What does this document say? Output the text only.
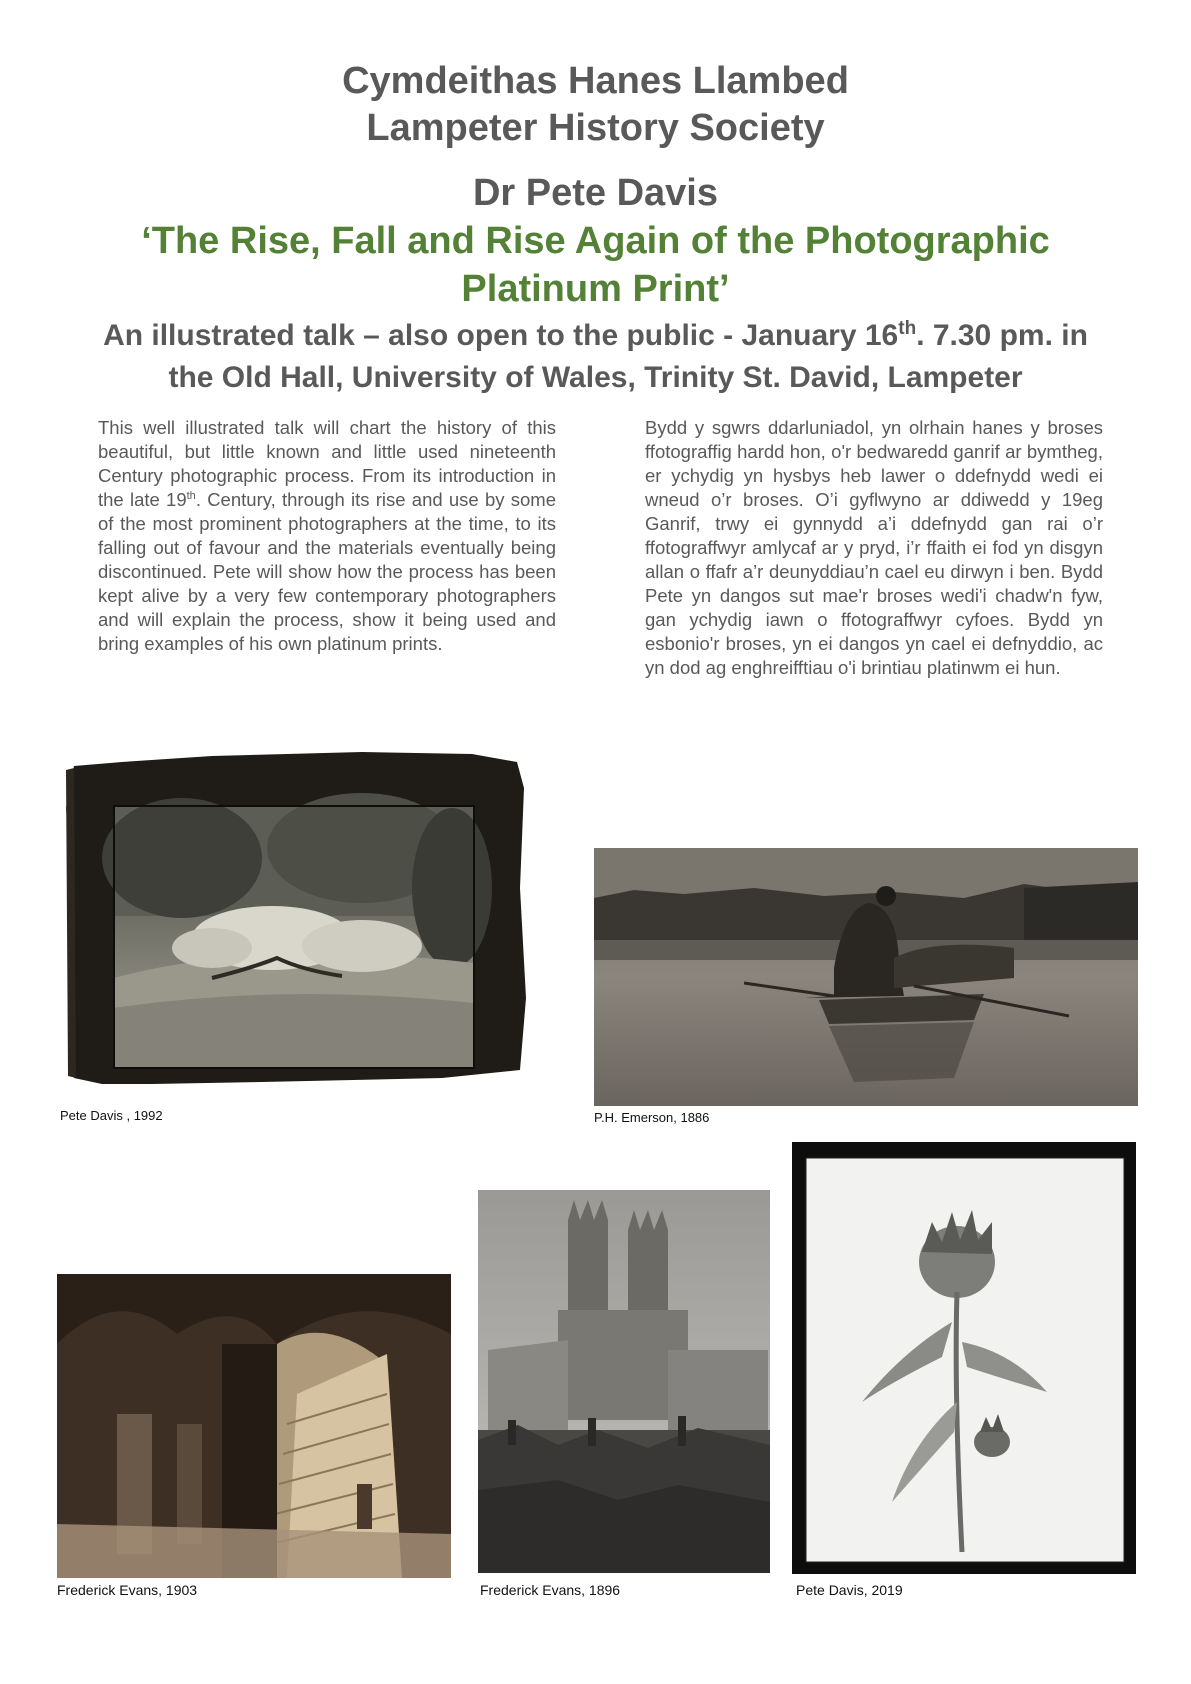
Cymdeithas Hanes Llambed
Lampeter History Society
Dr Pete Davis
‘The Rise, Fall and Rise Again of the Photographic
Platinum Print’
An illustrated talk – also open to the public - January 16th. 7.30 pm. in
the Old Hall, University of Wales, Trinity St. David, Lampeter
This well illustrated talk will chart the history of this beautiful, but little known and little used nineteenth Century photographic process. From its introduction in the late 19th. Century, through its rise and use by some of the most prominent photographers at the time, to its falling out of favour and the materials eventually being discontinued. Pete will show how the process has been kept alive by a very few contemporary photographers and will explain the process, show it being used and bring examples of his own platinum prints.
Bydd y sgwrs ddarluniadol, yn olrhain hanes y broses ffotograffig hardd hon, o'r bedwaredd ganrif ar bymtheg, er ychydig yn hysbys heb lawer o ddefnydd wedi ei wneud o’r broses. O’i gyflwyno ar ddiwedd y 19eg Ganrif, trwy ei gynnydd a’i ddefnydd gan rai o’r ffotograffwyr amlycaf ar y pryd, i’r ffaith ei fod yn disgyn allan o ffafr a’r deunyddiau’n cael eu dirwyn i ben. Bydd Pete yn dangos sut mae'r broses wedi'i chadw'n fyw, gan ychydig iawn o ffotograffwyr cyfoes. Bydd yn esbonio'r broses, yn ei dangos yn cael ei defnyddio, ac yn dod ag enghreifftiau o'i brintiau platinwm ei hun.
Pete Davis , 1992	P.H. Emerson, 1886
Frederick Evans, 1903	Frederick Evans, 1896	Pete Davis, 2019
